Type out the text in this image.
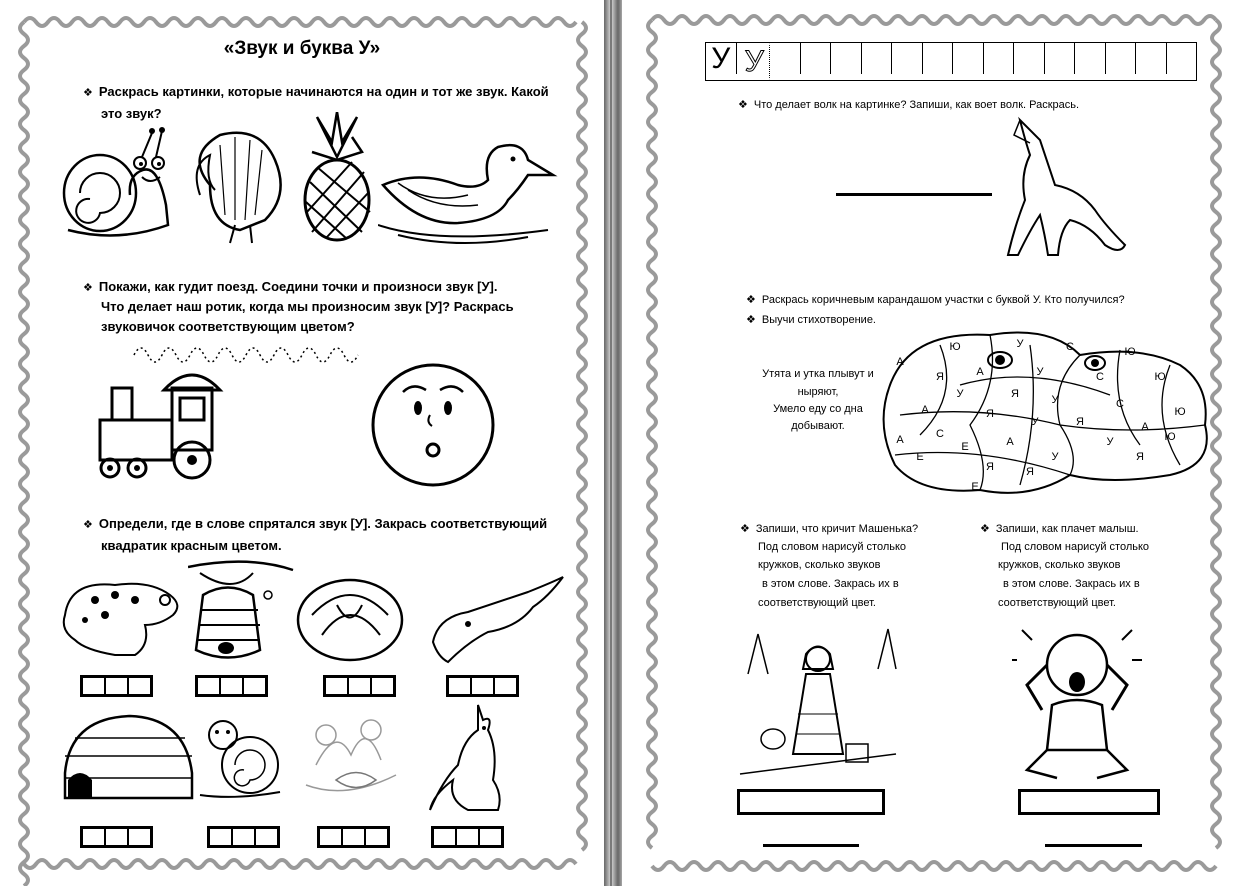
«Звук и буква У»
❖ Раскрась картинки, которые начинаются на один и тот же звук. Какой
это звук?
❖ Покажи, как гудит поезд. Соедини точки и произноси звук [У].
Что делает наш ротик, когда мы произносим звук [У]? Раскрась
звуковичок соответствующим цветом?
❖ Определи, где в слове спрятался звук [У]. Закрась соответствующий
квадратик красным цветом.
У У
❖ Что делает волк на картинке? Запиши, как воет волк. Раскрась.
❖ Раскрась коричневым карандашом участки с буквой У. Кто получился?
❖ Выучи стихотворение.
Утята и утка плывут и
ныряют,
Умело еду со дна
добывают.
Ю	У	С	Ю
А
Я	А	У	С	Ю
У	Я	У	С
Ю
А	Я
У	Я	А
С
Е	А	У	Ю
У
Е	Я
Я
А
Я
Е
❖ Запиши, что кричит Машенька?
Под словом нарисуй столько
кружков, сколько звуков
в этом слове. Закрась их в
соответствующий цвет.
❖ Запиши, как плачет малыш.
Под словом нарисуй столько
кружков, сколько звуков
в этом слове. Закрась их в
соответствующий цвет.
